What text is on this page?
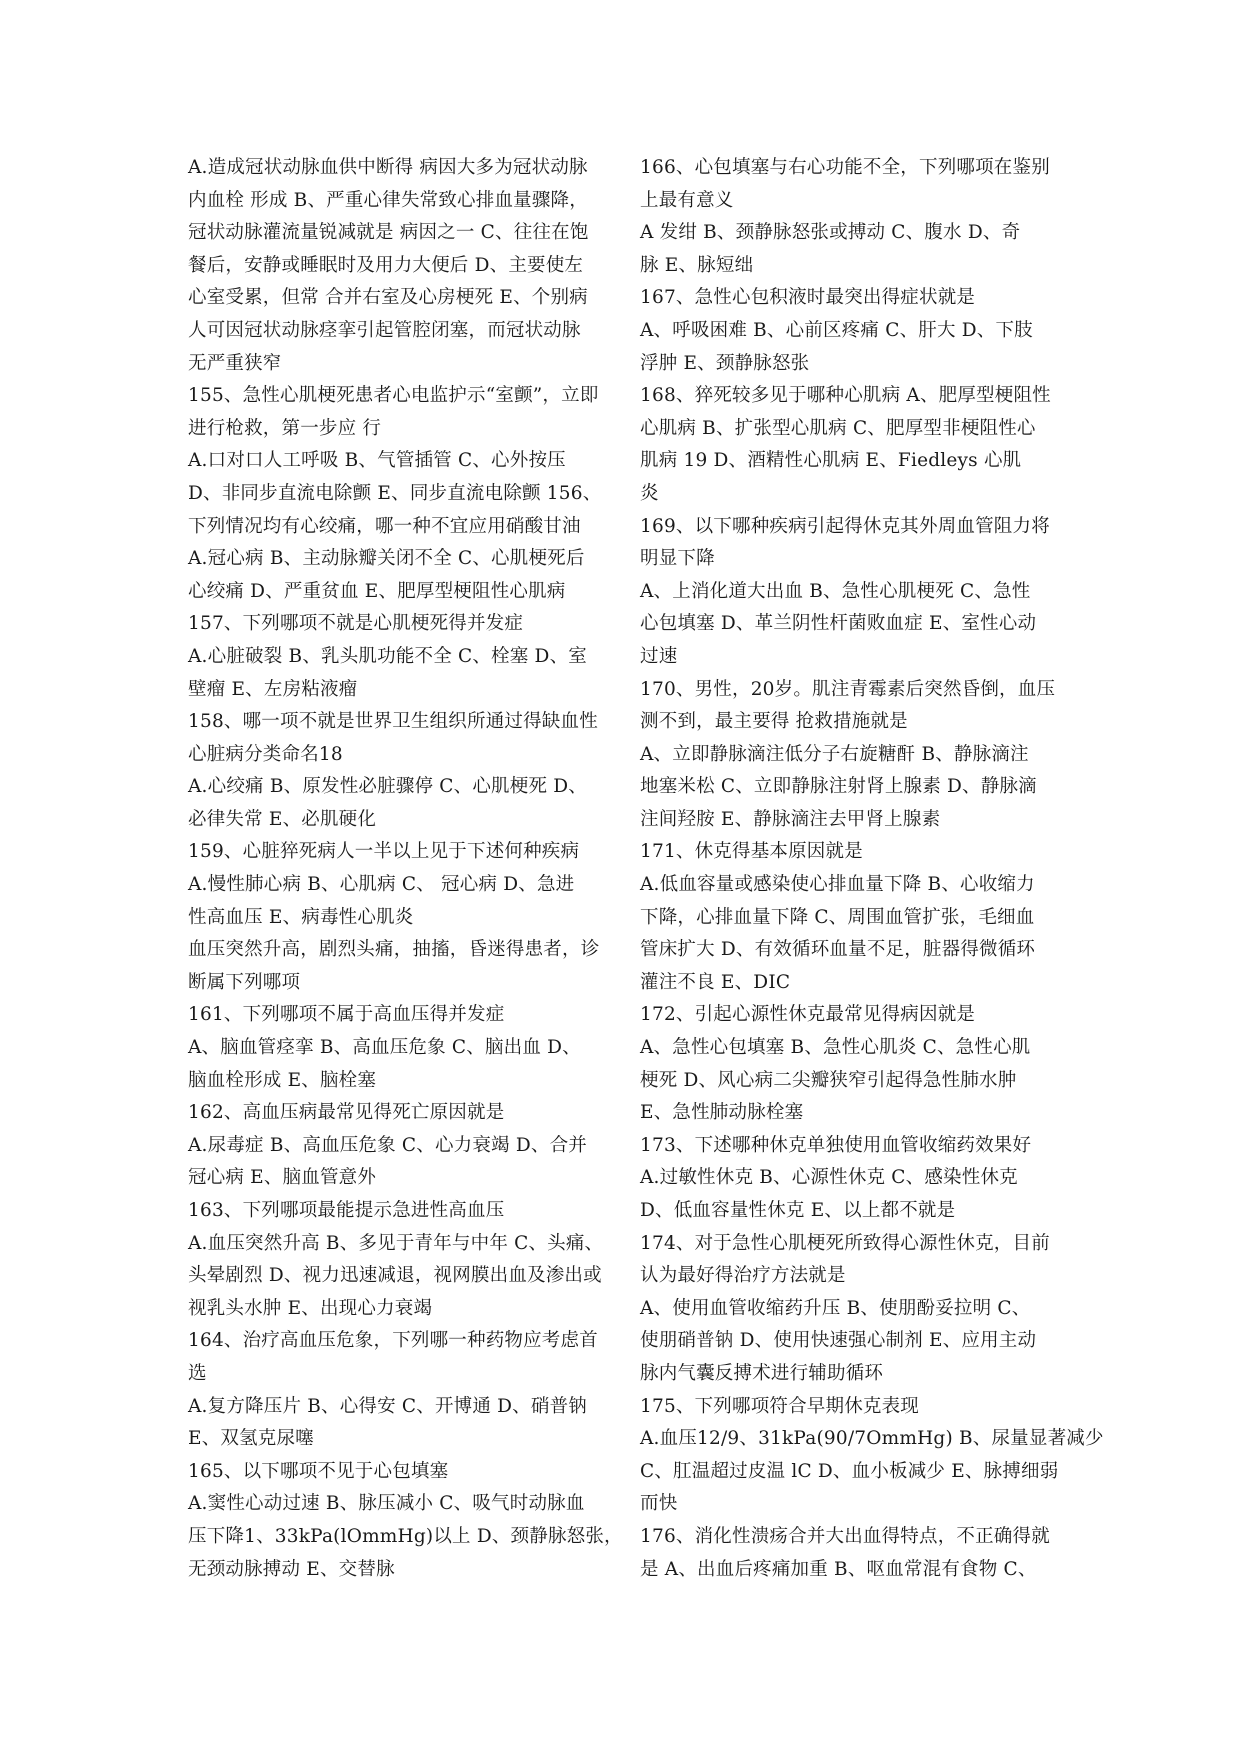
A.造成冠状动脉血供中断得 病因大多为冠状动脉
内血栓 形成 B、严重心律失常致心排血量骤降，
冠状动脉灌流量锐减就是 病因之一 C、往往在饱
餐后，安静或睡眠时及用力大便后 D、主要使左
心室受累，但常 合并右室及心房梗死 E、个别病
人可因冠状动脉痉挛引起管腔闭塞，而冠状动脉
无严重狭窄
155、急性心肌梗死患者心电监护示“室颤”，立即
进行枪救，第一步应 行
A.口对口人工呼吸 B、气管插管 C、心外按压
D、非同步直流电除颤 E、同步直流电除颤 156、
下列情况均有心绞痛，哪一种不宜应用硝酸甘油
A.冠心病 B、主动脉瓣关闭不全 C、心肌梗死后
心绞痛 D、严重贫血 E、肥厚型梗阻性心肌病
157、下列哪项不就是心肌梗死得并发症
A.心脏破裂 B、乳头肌功能不全 C、栓塞 D、室
壁瘤 E、左房粘液瘤
158、哪一项不就是世界卫生组织所通过得缺血性
心脏病分类命名18
A.心绞痛 B、原发性必脏骤停 C、心肌梗死 D、
必律失常 E、必肌硬化
159、心脏猝死病人一半以上见于下述何种疾病
A.慢性肺心病 B、心肌病 C、 冠心病 D、急进
性高血压 E、病毒性心肌炎
血压突然升高，剧烈头痛，抽搐，昏迷得患者，诊
断属下列哪项
161、下列哪项不属于高血压得并发症
A、脑血管痉挛 B、高血压危象 C、脑出血 D、
脑血栓形成 E、脑栓塞
162、高血压病最常见得死亡原因就是
A.尿毒症 B、高血压危象 C、心力衰竭 D、合并
冠心病 E、脑血管意外
163、下列哪项最能提示急进性高血压
A.血压突然升高 B、多见于青年与中年 C、头痛、
头晕剧烈 D、视力迅速减退，视网膜出血及渗出或
视乳头水肿 E、出现心力衰竭
164、治疗高血压危象，下列哪一种药物应考虑首
选
A.复方降压片 B、心得安 C、开博通 D、硝普钠
E、双氢克尿噻
165、以下哪项不见于心包填塞
A.窦性心动过速 B、脉压减小 C、吸气时动脉血
压下降1、33kPa(lOmmHg)以上 D、颈静脉怒张，
无颈动脉搏动 E、交替脉
166、心包填塞与右心功能不全，下列哪项在鉴别
上最有意义
A 发绀 B、颈静脉怒张或搏动 C、腹水 D、奇
脉 E、脉短绌
167、急性心包积液时最突出得症状就是
A、呼吸困难 B、心前区疼痛 C、肝大 D、下肢
浮肿 E、颈静脉怒张
168、猝死较多见于哪种心肌病 A、肥厚型梗阻性
心肌病 B、扩张型心肌病 C、肥厚型非梗阻性心
肌病 19 D、酒精性心肌病 E、Fiedleys 心肌
炎
169、以下哪种疾病引起得休克其外周血管阻力将
明显下降
A、上消化道大出血 B、急性心肌梗死 C、急性
心包填塞 D、革兰阴性杆菌败血症 E、室性心动
过速
170、男性，20岁。肌注青霉素后突然昏倒，血压
测不到，最主要得 抢救措施就是
A、立即静脉滴注低分子右旋糖酐 B、静脉滴注
地塞米松 C、立即静脉注射肾上腺素 D、静脉滴
注间羟胺 E、静脉滴注去甲肾上腺素
171、休克得基本原因就是
A.低血容量或感染使心排血量下降 B、心收缩力
下降，心排血量下降 C、周围血管扩张，毛细血
管床扩大 D、有效循环血量不足，脏器得微循环
灌注不良 E、DIC
172、引起心源性休克最常见得病因就是
A、急性心包填塞 B、急性心肌炎 C、急性心肌
梗死 D、风心病二尖瓣狭窄引起得急性肺水肿
E、急性肺动脉栓塞
173、下述哪种休克单独使用血管收缩药效果好
A.过敏性休克 B、心源性休克 C、感染性休克
D、低血容量性休克 E、以上都不就是
174、对于急性心肌梗死所致得心源性休克，目前
认为最好得治疗方法就是
A、使用血管收缩药升压 B、使朋酚妥拉明 C、
使朋硝普钠 D、使用快速强心制剂 E、应用主动
脉内气囊反搏术进行辅助循环
175、下列哪项符合早期休克表现
A.血压12/9、31kPa(90/7OmmHg) B、尿量显著减少
C、肛温超过皮温 lC D、血小板减少 E、脉搏细弱
而快
176、消化性溃疡合并大出血得特点，不正确得就
是 A、出血后疼痛加重 B、呕血常混有食物 C、
